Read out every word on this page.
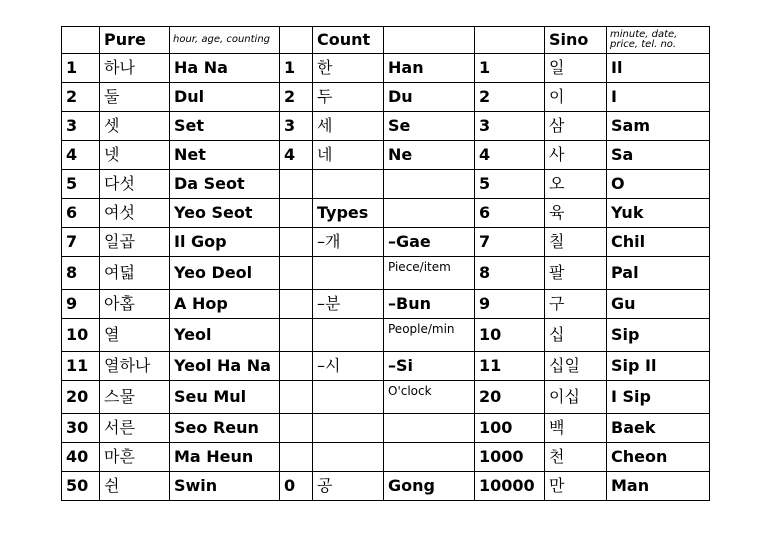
	Pure	hour, age, counting		Count			Sino	minute, date, price, tel. no.
1	하나	Ha Na	1	한	Han	1	일	Il
2	둘	Dul	2	두	Du	2	이	I
3	셋	Set	3	세	Se	3	삼	Sam
4	넷	Net	4	네	Ne	4	사	Sa
5	다섯	Da Seot				5	오	O
6	여섯	Yeo Seot		Types		6	육	Yuk
7	일곱	Il Gop		–개	–Gae	7	칠	Chil
8	여덟	Yeo Deol			Piece/item	8	팔	Pal
9	아홉	A Hop		–분	–Bun	9	구	Gu
10	열	Yeol			People/min	10	십	Sip
11	열하나	Yeol Ha Na		–시	–Si	11	십일	Sip Il
20	스물	Seu Mul			O'clock	20	이십	I Sip
30	서른	Seo Reun				100	백	Baek
40	마흔	Ma Heun				1000	천	Cheon
50	쉰	Swin	0	공	Gong	10000	만	Man
